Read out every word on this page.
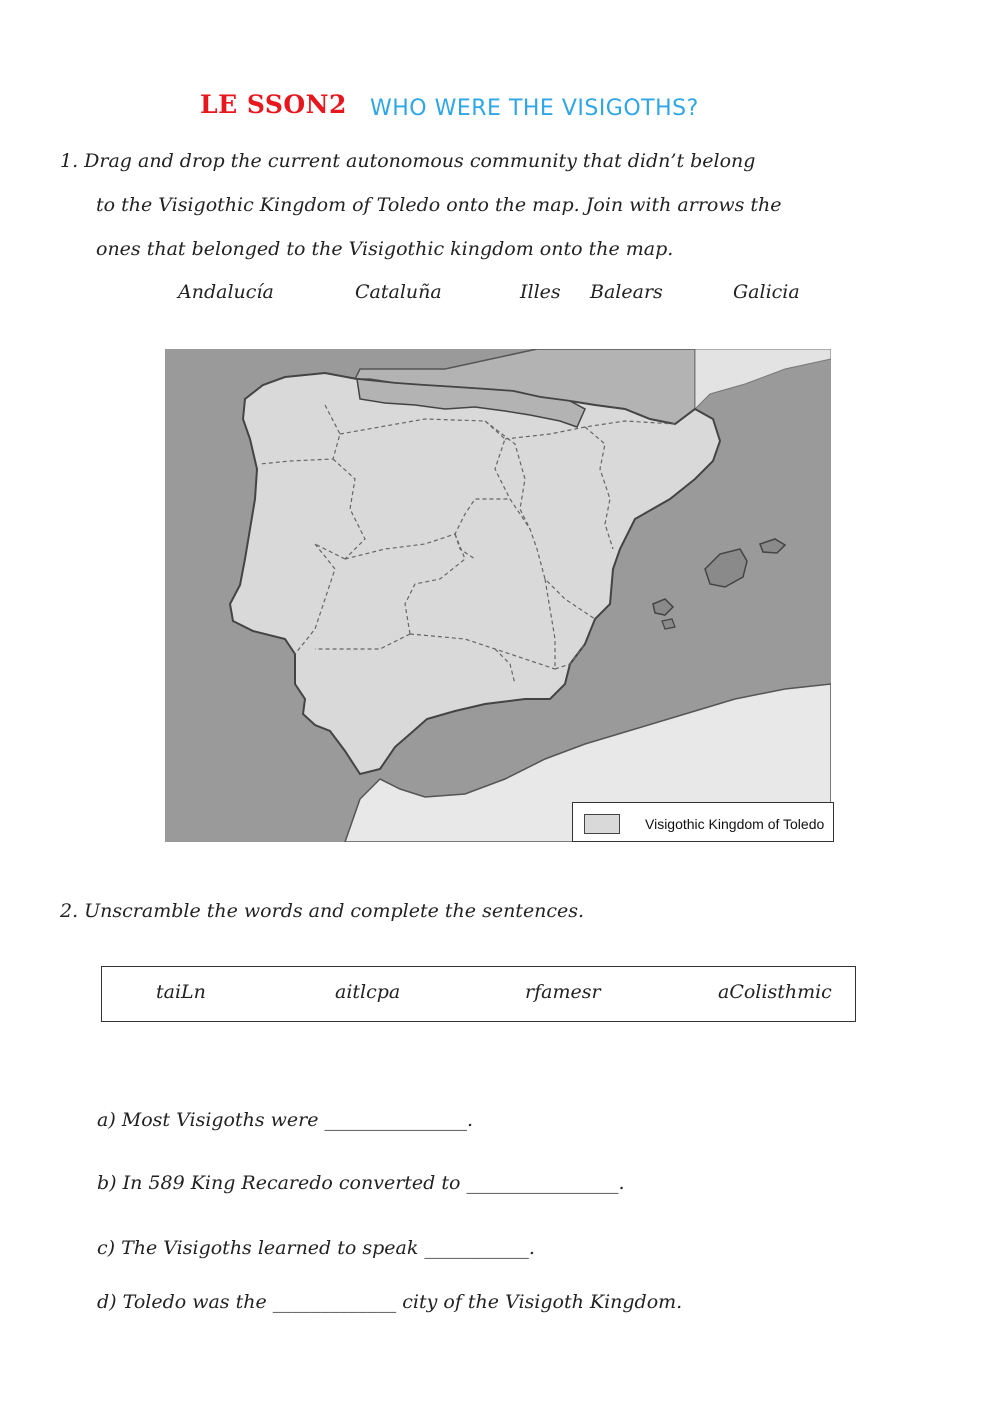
LE SSON2 WHO WERE THE VISIGOTHS?
1. Drag and drop the current autonomous community that didn’t belong
to the Visigothic Kingdom of Toledo onto the map. Join with arrows the
ones that belonged to the Visigothic kingdom onto the map.
Andalucía	Cataluña	Illes Balears	Galicia
Visigothic Kingdom of Toledo
2. Unscramble the words and complete the sentences.
taiLn	aitlcpa	rfamesr	aColisthmic
a) Most Visigoths were _______________.
b) In 589 King Recaredo converted to ________________.
c) The Visigoths learned to speak ___________.
d) Toledo was the _____________ city of the Visigoth Kingdom.
